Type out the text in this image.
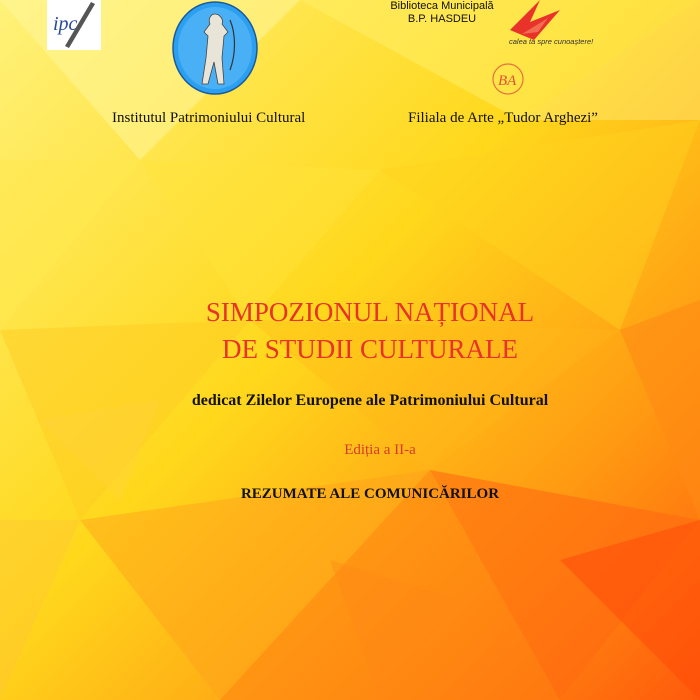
ipc
Biblioteca Municipală
B.P. HASDEU
calea ta spre cunoaștere!
BA
Institutul Patrimoniului Cultural	Filiala de Arte „Tudor Arghezi”
SIMPOZIONUL NAȚIONAL
DE STUDII CULTURALE
dedicat Zilelor Europene ale Patrimoniului Cultural
Ediția a II-a
REZUMATE ALE COMUNICĂRILOR
